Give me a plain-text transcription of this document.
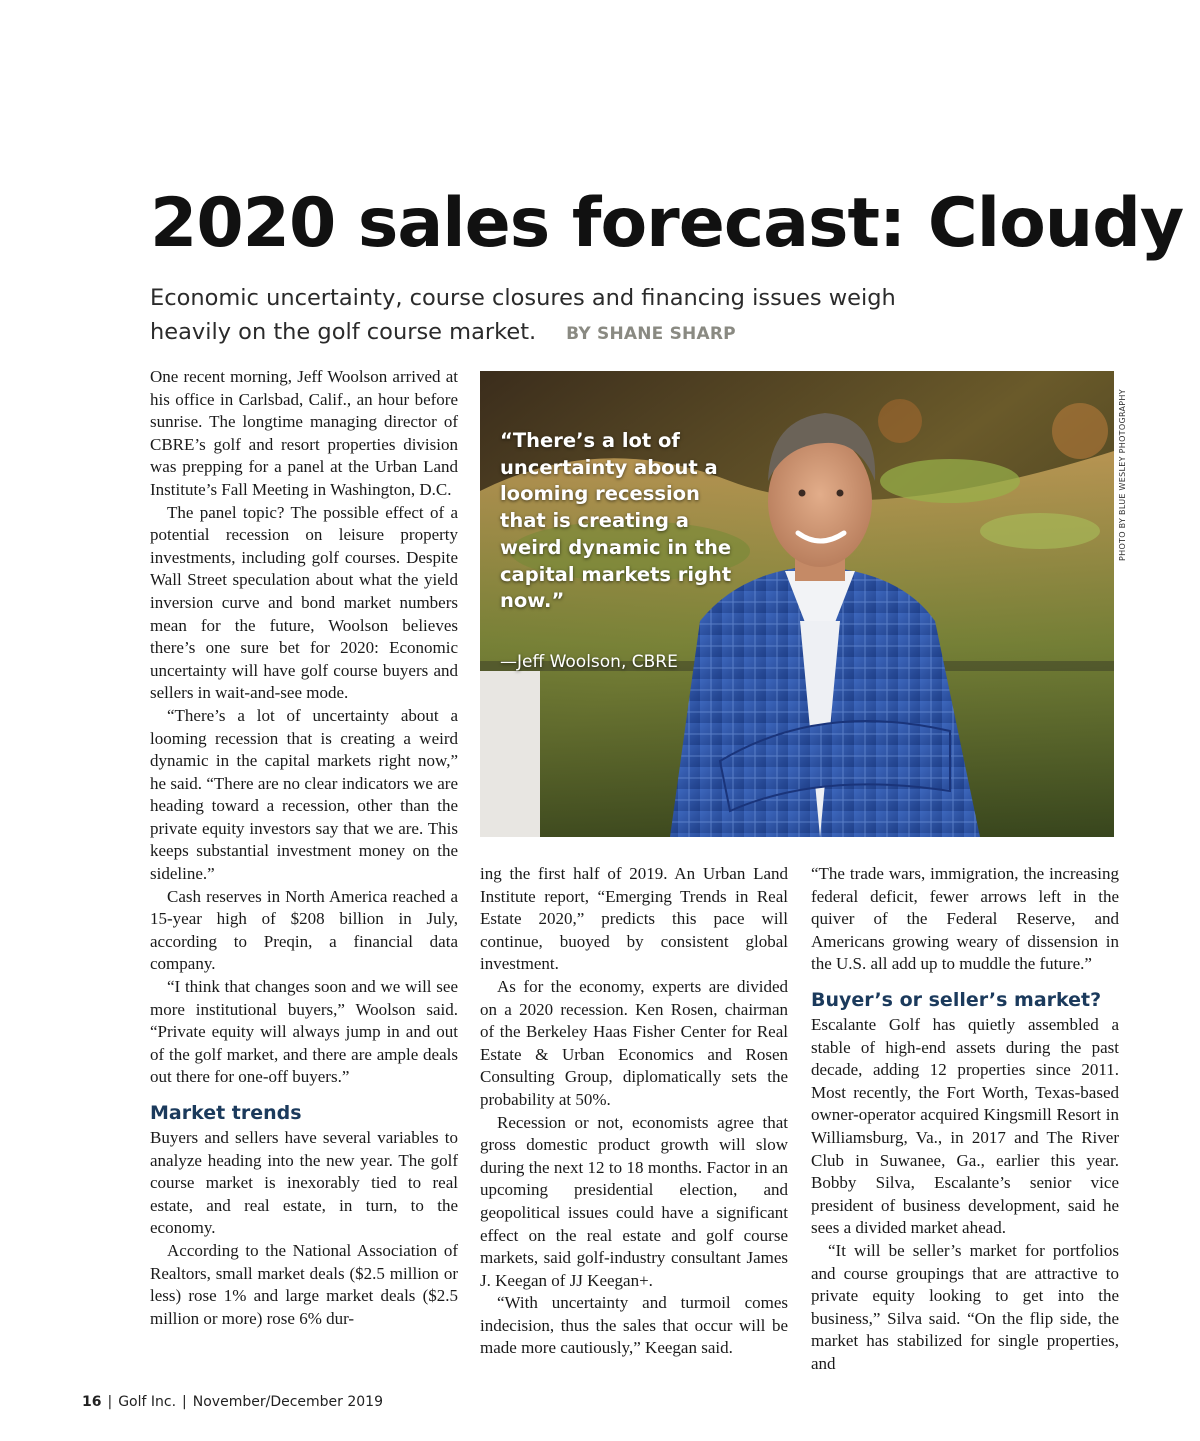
2020 sales forecast: Cloudy

Economic uncertainty, course closures and financing issues weigh heavily on the golf course market. BY SHANE SHARP

One recent morning, Jeff Woolson arrived at his office in Carlsbad, Calif., an hour before sunrise. The longtime managing director of CBRE’s golf and resort properties division was prepping for a panel at the Urban Land Institute’s Fall Meeting in Washington, D.C.

The panel topic? The possible effect of a potential recession on leisure property investments, including golf courses. Despite Wall Street speculation about what the yield inversion curve and bond market numbers mean for the future, Woolson believes there’s one sure bet for 2020: Economic uncertainty will have golf course buyers and sellers in wait-and-see mode.

“There’s a lot of uncertainty about a looming recession that is creating a weird dynamic in the capital markets right now,” he said. “There are no clear indicators we are heading toward a recession, other than the private equity investors say that we are. This keeps substantial investment money on the sideline.”

Cash reserves in North America reached a 15-year high of $208 billion in July, according to Preqin, a financial data company.

“I think that changes soon and we will see more institutional buyers,” Woolson said. “Private equity will always jump in and out of the golf market, and there are ample deals out there for one-off buyers.”

Market trends

Buyers and sellers have several variables to analyze heading into the new year. The golf course market is inexorably tied to real estate, and real estate, in turn, to the economy.

According to the National Association of Realtors, small market deals ($2.5 million or less) rose 1% and large market deals ($2.5 million or more) rose 6% dur-

“There’s a lot of uncertainty about a looming recession that is creating a weird dynamic in the capital markets right now.”

—Jeff Woolson, CBRE
PHOTO BY BLUE WESLEY PHOTOGRAPHY

ing the first half of 2019. An Urban Land Institute report, “Emerging Trends in Real Estate 2020,” predicts this pace will continue, buoyed by consistent global investment.

As for the economy, experts are divided on a 2020 recession. Ken Rosen, chairman of the Berkeley Haas Fisher Center for Real Estate & Urban Economics and Rosen Consulting Group, diplomatically sets the probability at 50%.

Recession or not, economists agree that gross domestic product growth will slow during the next 12 to 18 months. Factor in an upcoming presidential election, and geopolitical issues could have a significant effect on the real estate and golf course markets, said golf-industry consultant James J. Keegan of JJ Keegan+.

“With uncertainty and turmoil comes indecision, thus the sales that occur will be made more cautiously,” Keegan said.

“The trade wars, immigration, the increasing federal deficit, fewer arrows left in the quiver of the Federal Reserve, and Americans growing weary of dissension in the U.S. all add up to muddle the future.”

Buyer’s or seller’s market?

Escalante Golf has quietly assembled a stable of high-end assets during the past decade, adding 12 properties since 2011. Most recently, the Fort Worth, Texas-based owner-operator acquired Kingsmill Resort in Williamsburg, Va., in 2017 and The River Club in Suwanee, Ga., earlier this year. Bobby Silva, Escalante’s senior vice president of business development, said he sees a divided market ahead.

“It will be seller’s market for portfolios and course groupings that are attractive to private equity looking to get into the business,” Silva said. “On the flip side, the market has stabilized for single properties, and

16 | Golf Inc. | November/December 2019
